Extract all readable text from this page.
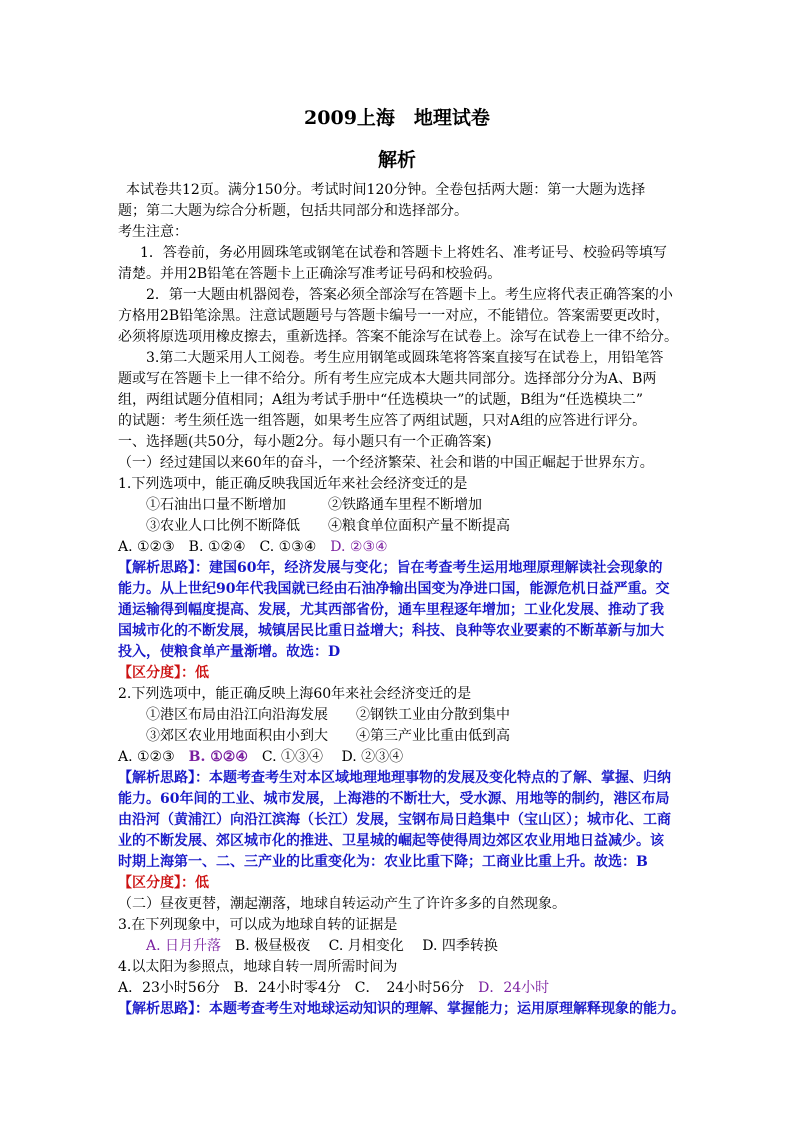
2009上海　地理试卷
解析
本试卷共12页。满分150分。考试时间120分钟。全卷包括两大题：第一大题为选择
题；第二大题为综合分析题，包括共同部分和选择部分。
考生注意：
1．答卷前，务必用圆珠笔或钢笔在试卷和答题卡上将姓名、准考证号、校验码等填写
清楚。并用2B铅笔在答题卡上正确涂写准考证号码和校验码。
2．第一大题由机器阅卷，答案必须全部涂写在答题卡上。考生应将代表正确答案的小
方格用2B铅笔涂黑。注意试题题号与答题卡编号一一对应，不能错位。答案需要更改时，
必须将原选项用橡皮擦去，重新选择。答案不能涂写在试卷上。涂写在试卷上一律不给分。
3.第二大题采用人工阅卷。考生应用钢笔或圆珠笔将答案直接写在试卷上，用铅笔答
题或写在答题卡上一律不给分。所有考生应完成本大题共同部分。选择部分分为A、B两
组，两组试题分值相同；A组为考试手册中“任选模块一”的试题，B组为“任选模块二”
的试题：考生须任选一组答题，如果考生应答了两组试题，只对A组的应答进行评分。
一、选择题(共50分，每小题2分。每小题只有一个正确答案)
（一）经过建国以来60年的奋斗，一个经济繁荣、社会和谐的中国正崛起于世界东方。
1.下列选项中，能正确反映我国近年来社会经济变迁的是
①石油出口量不断增加　　　②铁路通车里程不断增加
③农业人口比例不断降低　　④粮食单位面积产量不断提高
A. ①②③　B. ①②④　C. ①③④　 D. ②③④
【解析思路】：建国60年，经济发展与变化；旨在考查考生运用地理原理解读社会现象的
能力。从上世纪90年代我国就已经由石油净输出国变为净进口国，能源危机日益严重。交
通运输得到幅度提高、发展，尤其西部省份，通车里程逐年增加；工业化发展、推动了我
国城市化的不断发展，城镇居民比重日益增大；科技、良种等农业要素的不断革新与加大
投入，使粮食单产量渐增。故选：D
【区分度】：低
2.下列选项中，能正确反映上海60年来社会经济变迁的是
①港区布局由沿江向沿海发展　　②钢铁工业由分散到集中
③郊区农业用地面积由小到大　　④第三产业比重由低到高
A. ①②③　B. ①②④　C. ①③④　 D. ②③④
【解析思路】：本题考查考生对本区域地理地理事物的发展及变化特点的了解、掌握、归纳
能力。60年间的工业、城市发展，上海港的不断壮大，受水源、用地等的制约，港区布局
由沿河（黄浦江）向沿江滨海（长江）发展，宝钢布局日趋集中（宝山区）；城市化、工商
业的不断发展、郊区城市化的推进、卫星城的崛起等使得周边郊区农业用地日益减少。该
时期上海第一、二、三产业的比重变化为：农业比重下降；工商业比重上升。故选：B
【区分度】：低
（二）昼夜更替，潮起潮落，地球自转运动产生了许许多多的自然现象。
3.在下列现象中，可以成为地球自转的证据是
A. 日月升落　B. 极昼极夜　 C. 月相变化　 D. 四季转换
4.以太阳为参照点，地球自转一周所需时间为
A．23小时56分　B．24小时零4分　C．　24小时56分　D．24小时
【解析思路】：本题考查考生对地球运动知识的理解、掌握能力；运用原理解释现象的能力。
